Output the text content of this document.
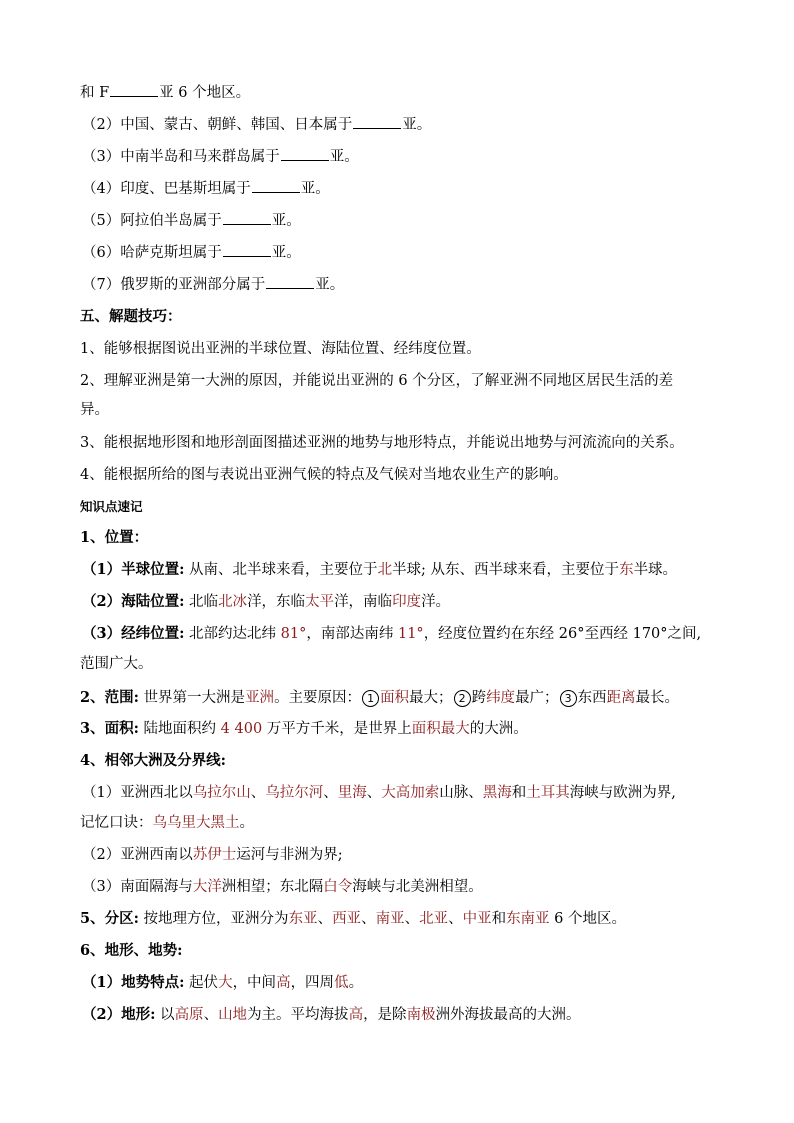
和 F	亚 6 个地区。
（2）中国、蒙古、朝鲜、韩国、日本属于	亚。
（3）中南半岛和马来群岛属于	亚。
（4）印度、巴基斯坦属于	亚。
（5）阿拉伯半岛属于	亚。
（6）哈萨克斯坦属于	亚。
（7）俄罗斯的亚洲部分属于	亚。
五、解题技巧：
1、能够根据图说出亚洲的半球位置、海陆位置、经纬度位置。
2、理解亚洲是第一大洲的原因，并能说出亚洲的 6 个分区，了解亚洲不同地区居民生活的差
异。
3、能根据地形图和地形剖面图描述亚洲的地势与地形特点，并能说出地势与河流流向的关系。
4、能根据所给的图与表说出亚洲气候的特点及气候对当地农业生产的影响。
知识点速记
1、位置：
（1）半球位置: 从南、北半球来看，主要位于北半球; 从东、西半球来看，主要位于东半球。
（2）海陆位置: 北临北冰洋，东临太平洋，南临印度洋。
（3）经纬位置: 北部约达北纬 81°，南部达南纬 11°，经度位置约在东经 26°至西经 170°之间,
范围广大。
2、范围: 世界第一大洲是亚洲。主要原因： 1 面积最大； 2 跨纬度最广； 3 东西距离最长。
3、面积: 陆地面积约 4 400 万平方千米，是世界上面积最大的大洲。
4、相邻大洲及分界线:
（1）亚洲西北以乌拉尔山、乌拉尔河、里海、大高加索山脉、黑海和土耳其海峡与欧洲为界,
记忆口诀：乌乌里大黑土。
（2）亚洲西南以苏伊士运河与非洲为界;
（3）南面隔海与大洋洲相望；东北隔白令海峡与北美洲相望。
5、分区: 按地理方位，亚洲分为东亚、西亚、南亚、北亚、中亚和东南亚 6 个地区。
6、地形、地势:
（1）地势特点: 起伏大，中间高，四周低。
（2）地形: 以高原、山地为主。平均海拔高，是除南极洲外海拔最高的大洲。
